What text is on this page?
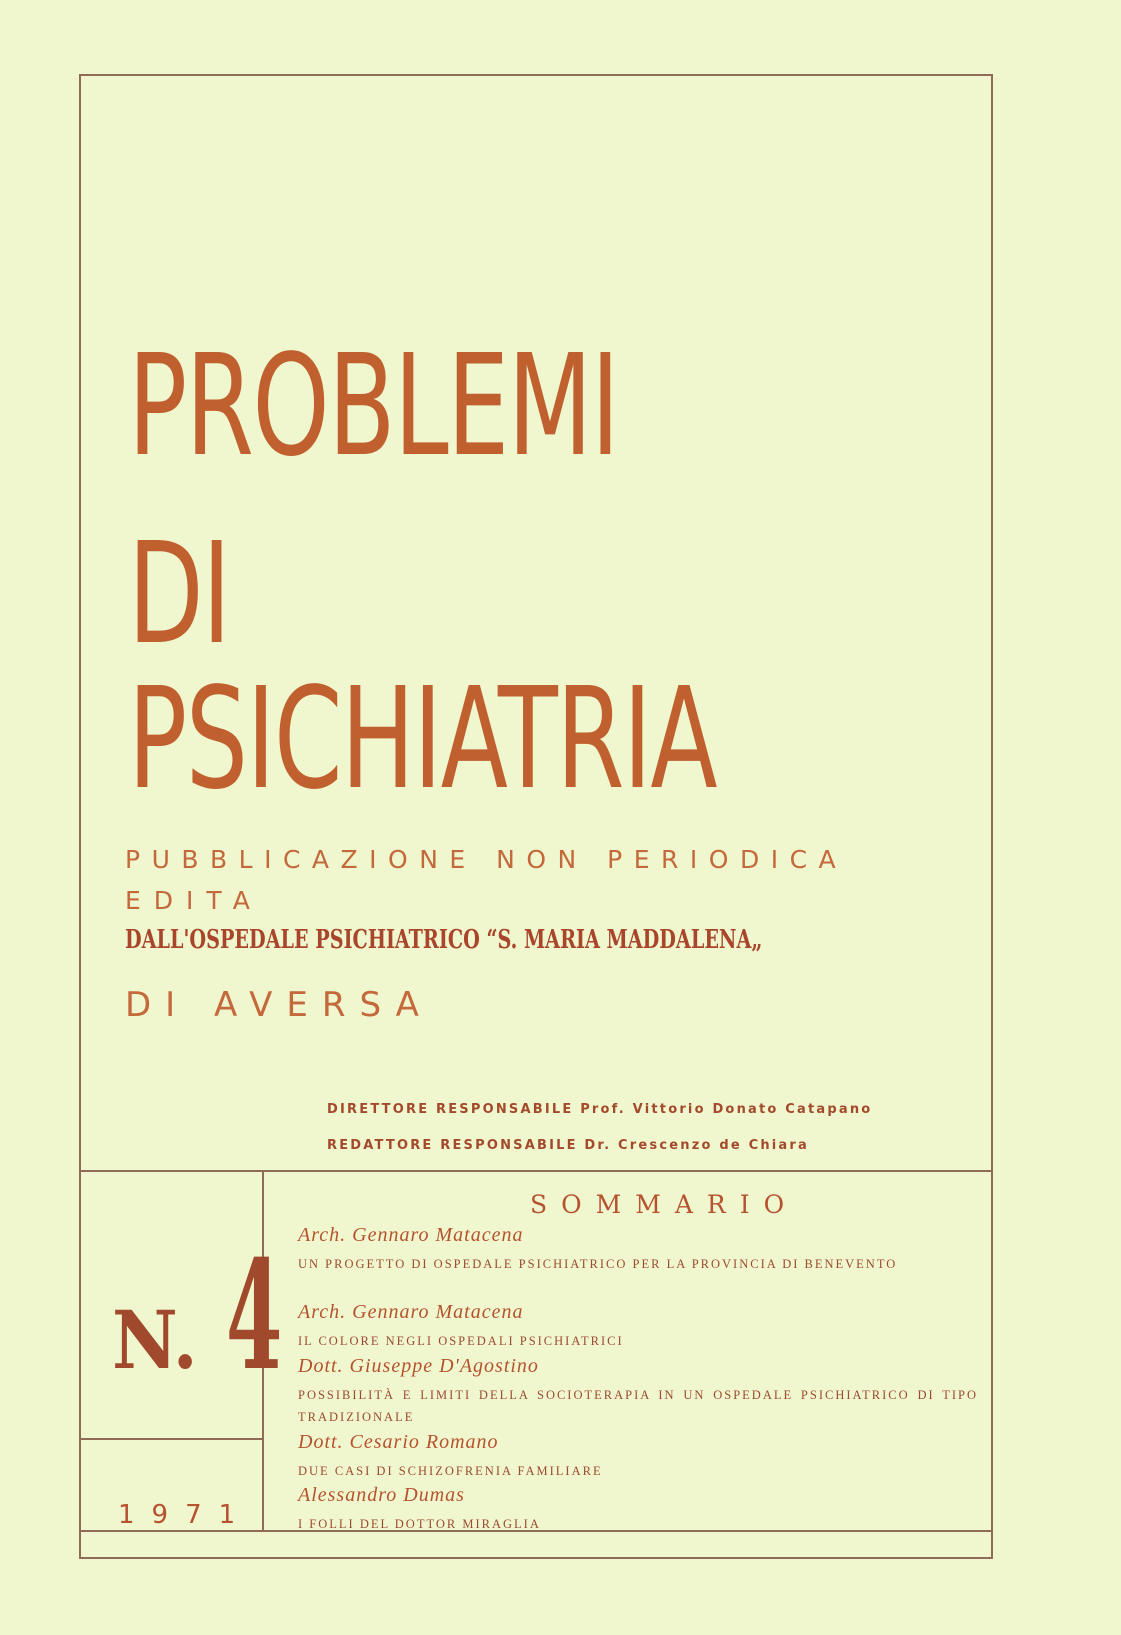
PROBLEMI
DI
PSICHIATRIA
PUBBLICAZIONE NON PERIODICA
EDITA
DALL'OSPEDALE PSICHIATRICO “S. MARIA MADDALENA„
DI AVERSA
DIRETTORE RESPONSABILE Prof. Vittorio Donato Catapano
REDATTORE RESPONSABILE Dr. Crescenzo de Chiara
N. 4
1971
SOMMARIO
Arch. Gennaro Matacena
UN PROGETTO DI OSPEDALE PSICHIATRICO PER LA PROVINCIA DI BENEVENTO
Arch. Gennaro Matacena
IL COLORE NEGLI OSPEDALI PSICHIATRICI
Dott. Giuseppe D'Agostino
POSSIBILITÀ E LIMITI DELLA SOCIOTERAPIA IN UN OSPEDALE PSICHIATRICO DI TIPO TRADIZIONALE
Dott. Cesario Romano
DUE CASI DI SCHIZOFRENIA FAMILIARE
Alessandro Dumas
I FOLLI DEL DOTTOR MIRAGLIA
